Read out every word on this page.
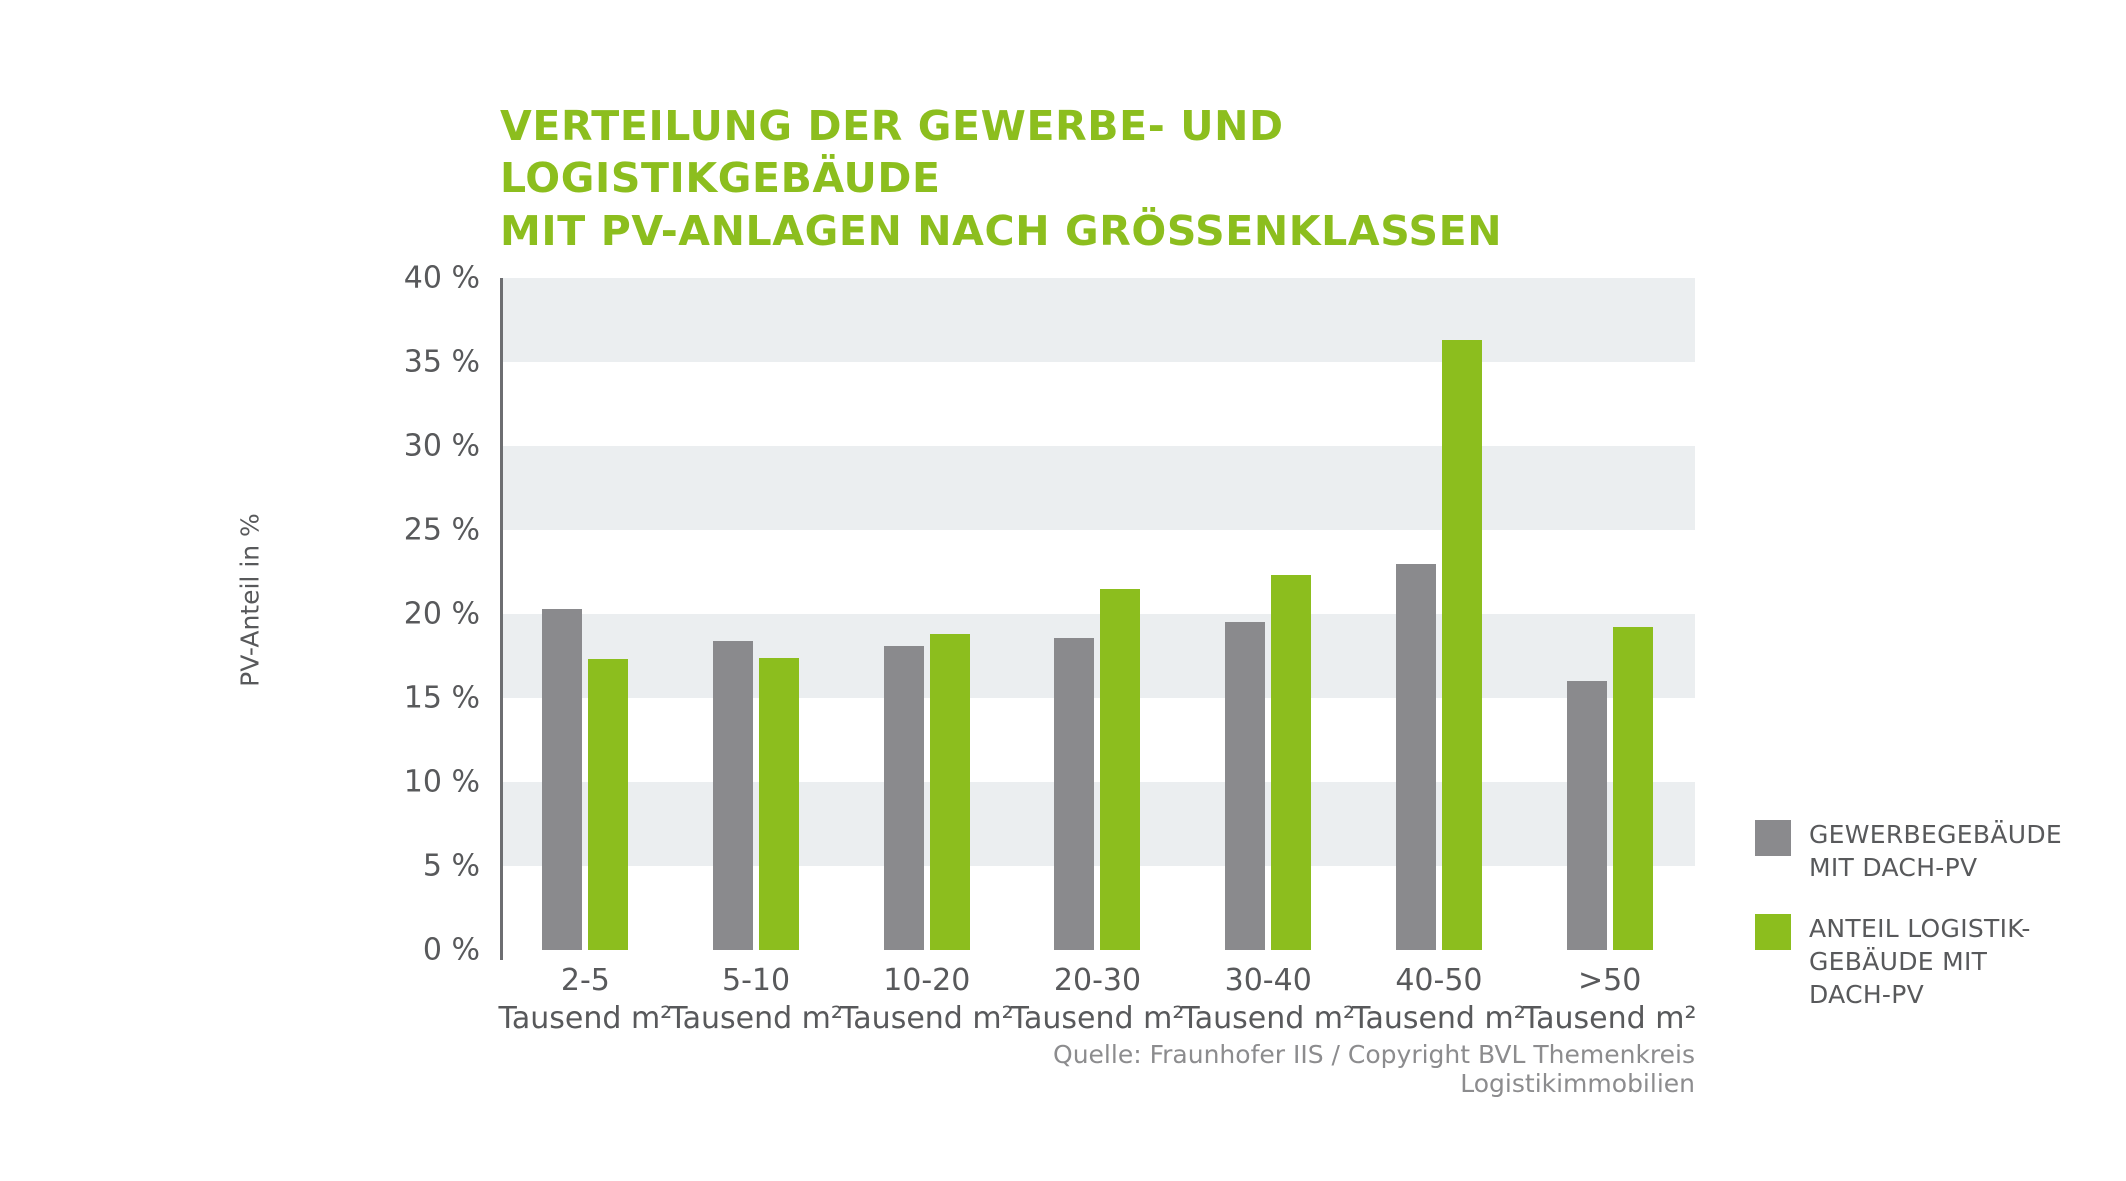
VERTEILUNG DER GEWERBE- UND LOGISTIKGEBÄUDE
MIT PV-ANLAGEN NACH GRÖSSENKLASSEN
PV-Anteil in %
0 %
5 %
10 %
15 %
20 %
25 %
30 %
35 %
40 %
2-5
Tausend m²
5-10
Tausend m²
10-20
Tausend m²
20-30
Tausend m²
30-40
Tausend m²
40-50
Tausend m²
>50
Tausend m²
Quelle: Fraunhofer IIS / Copyright BVL Themenkreis Logistikimmobilien
GEWERBEGEBÄUDE
MIT DACH-PV
ANTEIL LOGISTIK-
GEBÄUDE MIT
DACH-PV
